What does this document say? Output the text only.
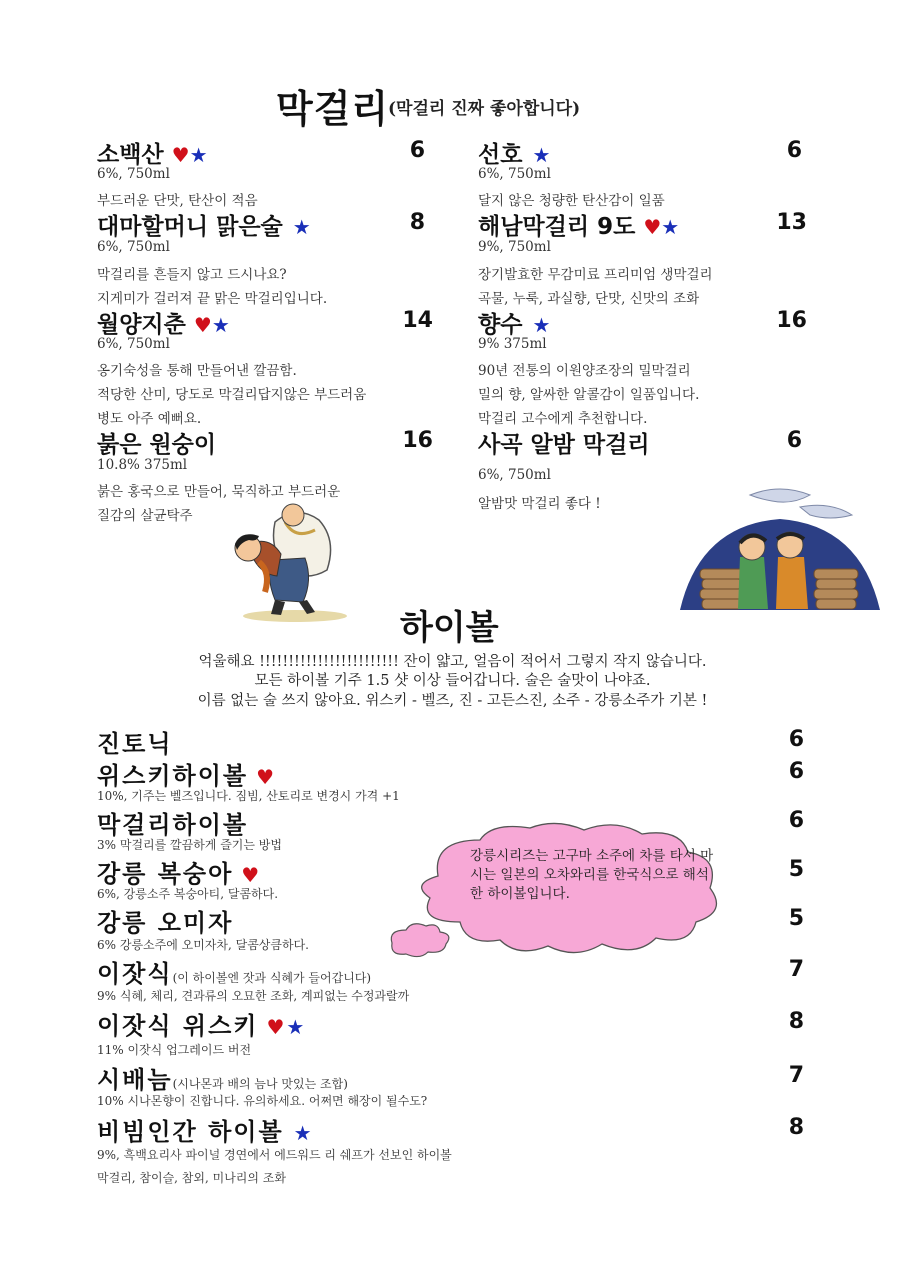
막걸리
(막걸리 진짜 좋아합니다)
소백산 ♥★	6
6%, 750ml
부드러운 단맛, 탄산이 적음
대마할머니 맑은술 ★	8
6%, 750ml
막걸리를 흔들지 않고 드시나요?
지게미가 걸러져 끝 맑은 막걸리입니다.
월양지춘 ♥★	14
6%, 750ml
옹기숙성을 통해 만들어낸 깔끔함.
적당한 산미, 당도로 막걸리답지않은 부드러움
병도 아주 예뻐요.
붉은 원숭이	16
10.8% 375ml
붉은 홍국으로 만들어, 묵직하고 부드러운
질감의 살균탁주
선호 ★	6
6%, 750ml
달지 않은 청량한 탄산감이 일품
해남막걸리 9도 ♥★	13
9%, 750ml
장기발효한 무감미료 프리미엄 생막걸리
곡물, 누룩, 과실향, 단맛, 신맛의 조화
향수 ★	16
9% 375ml
90년 전통의 이원양조장의 밀막걸리
밀의 향, 알싸한 알콜감이 일품입니다.
막걸리 고수에게 추천합니다.
사곡 알밤 막걸리	6
6%, 750ml
알밤맛 막걸리 좋다 !
하이볼
억울해요 !!!!!!!!!!!!!!!!!!!!!!!! 잔이 얇고, 얼음이 적어서 그렇지 작지 않습니다.
모든 하이볼 기주 1.5 샷 이상 들어갑니다. 술은 술맛이 나야죠.
이름 없는 술 쓰지 않아요. 위스키 - 벨즈, 진 - 고든스진, 소주 - 강릉소주가 기본 !
강릉시리즈는 고구마 소주에 차를 타서 마시는 일본의 오차와리를 한국식으로 해석한 하이볼입니다.
진토닉	6
위스키하이볼 ♥	6
10%, 기주는 벨즈입니다. 짐빔, 산토리로 변경시 가격 +1
막걸리하이볼	6
3% 막걸리를 깔끔하게 즐기는 방법
강릉 복숭아 ♥	5
6%, 강릉소주 복숭아티, 달콤하다.
강릉 오미자	5
6% 강릉소주에 오미자차, 달콤상큼하다.
이잣식(이 하이볼엔 잣과 식혜가 들어갑니다)	7
9% 식혜, 체리, 견과류의 오묘한 조화, 계피없는 수정과랄까
이잣식 위스키 ♥★	8
11% 이잣식 업그레이드 버전
시배늠(시나몬과 배의 늠나 맛있는 조합)	7
10% 시나몬향이 진합니다. 유의하세요. 어쩌면 해장이 될수도?
비빔인간 하이볼 ★	8
9%, 흑백요리사 파이널 경연에서 에드워드 리 쉐프가 선보인 하이볼
막걸리, 참이슬, 참외, 미나리의 조화
